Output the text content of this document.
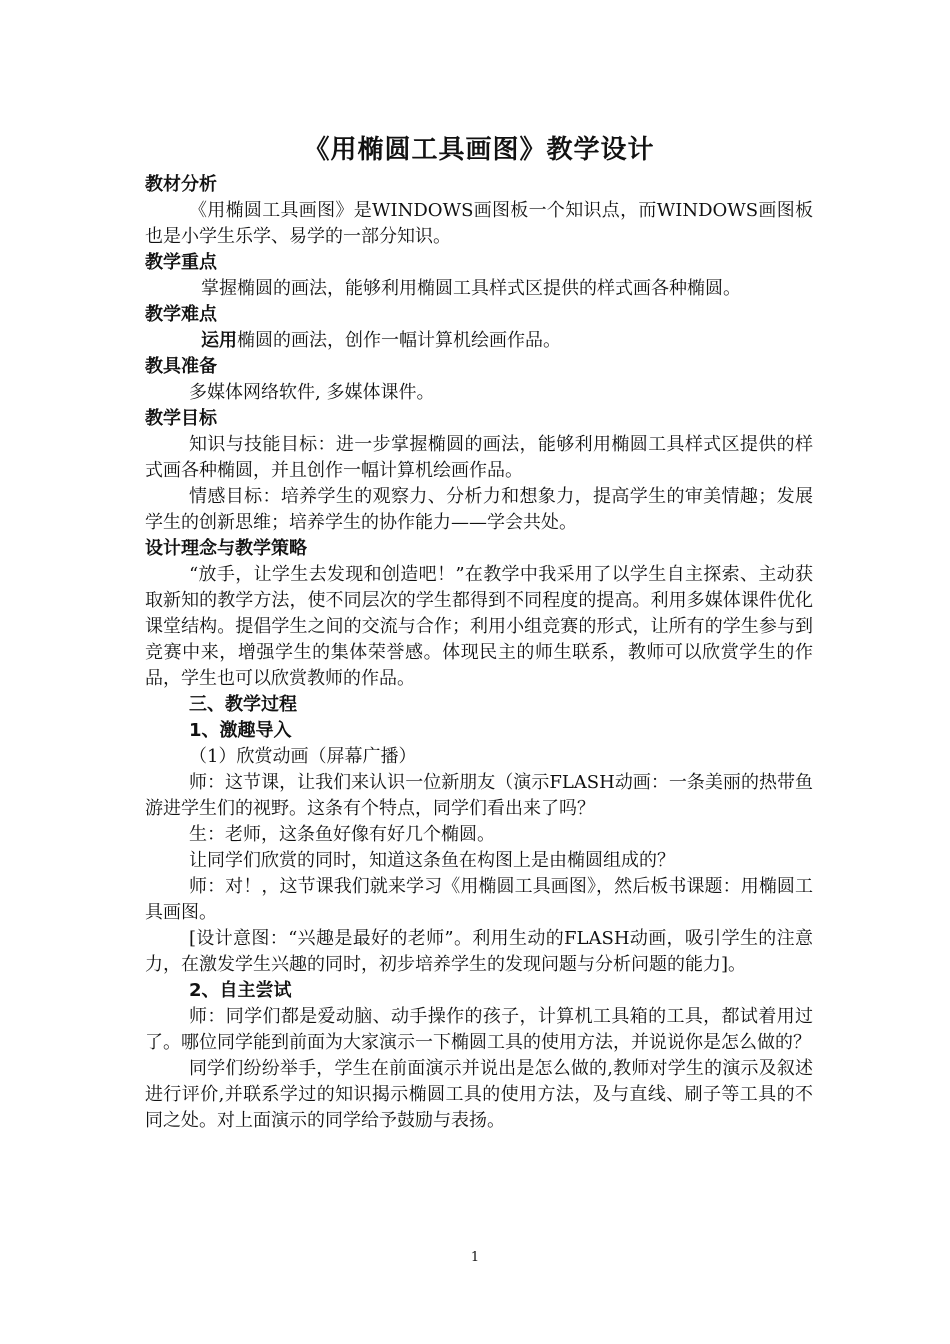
《用椭圆工具画图》教学设计
教材分析
《用椭圆工具画图》是WINDOWS画图板一个知识点，而WINDOWS画图板也是小学生乐学、易学的一部分知识。
教学重点
掌握椭圆的画法，能够利用椭圆工具样式区提供的样式画各种椭圆。
教学难点
运用椭圆的画法，创作一幅计算机绘画作品。
教具准备
多媒体网络软件, 多媒体课件。
教学目标
知识与技能目标：进一步掌握椭圆的画法，能够利用椭圆工具样式区提供的样式画各种椭圆，并且创作一幅计算机绘画作品。
情感目标：培养学生的观察力、分析力和想象力，提高学生的审美情趣；发展学生的创新思维；培养学生的协作能力——学会共处。
设计理念与教学策略
“放手，让学生去发现和创造吧！”在教学中我采用了以学生自主探索、主动获取新知的教学方法，使不同层次的学生都得到不同程度的提高。利用多媒体课件优化课堂结构。提倡学生之间的交流与合作；利用小组竞赛的形式，让所有的学生参与到竞赛中来，增强学生的集体荣誉感。体现民主的师生联系，教师可以欣赏学生的作品，学生也可以欣赏教师的作品。
三、教学过程
1、激趣导入
（1）欣赏动画（屏幕广播）
师：这节课，让我们来认识一位新朋友（演示FLASH动画：一条美丽的热带鱼游进学生们的视野。这条有个特点，同学们看出来了吗？
生：老师，这条鱼好像有好几个椭圆。
让同学们欣赏的同时，知道这条鱼在构图上是由椭圆组成的？
师：对！，这节课我们就来学习《用椭圆工具画图》，然后板书课题：用椭圆工具画图。
[设计意图：“兴趣是最好的老师”。利用生动的FLASH动画，吸引学生的注意力，在激发学生兴趣的同时，初步培养学生的发现问题与分析问题的能力]。
2、自主尝试
师：同学们都是爱动脑、动手操作的孩子，计算机工具箱的工具，都试着用过了。哪位同学能到前面为大家演示一下椭圆工具的使用方法，并说说你是怎么做的？
同学们纷纷举手，学生在前面演示并说出是怎么做的,教师对学生的演示及叙述进行评价,并联系学过的知识揭示椭圆工具的使用方法，及与直线、刷子等工具的不同之处。对上面演示的同学给予鼓励与表扬。
1
